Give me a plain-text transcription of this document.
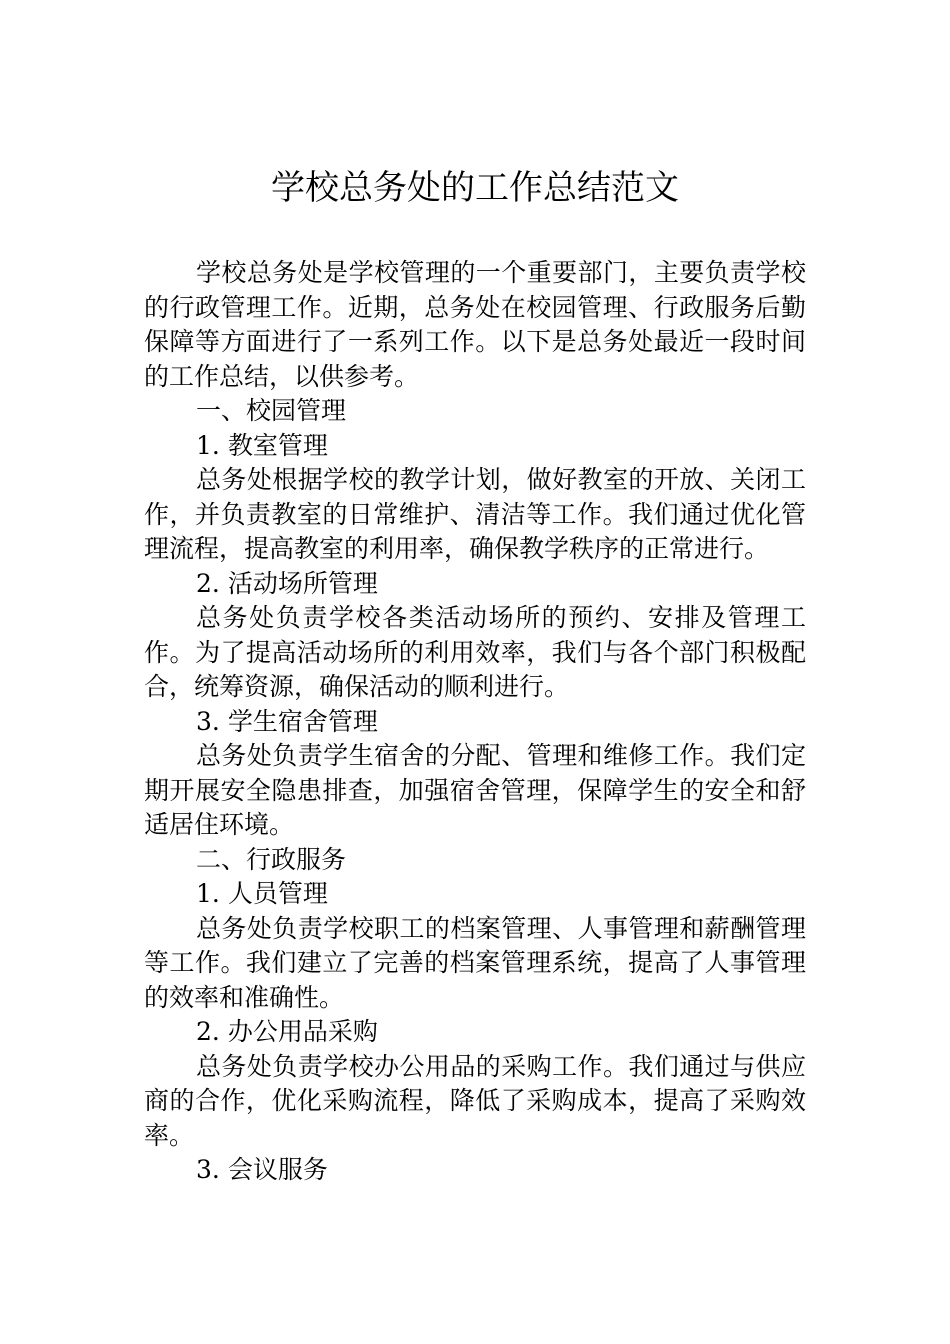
学校总务处的工作总结范文

学校总务处是学校管理的一个重要部门，主要负责学校的行政管理工作。近期，总务处在校园管理、行政服务后勤保障等方面进行了一系列工作。以下是总务处最近一段时间的工作总结，以供参考。

一、校园管理

1. 教室管理

总务处根据学校的教学计划，做好教室的开放、关闭工作，并负责教室的日常维护、清洁等工作。我们通过优化管理流程，提高教室的利用率，确保教学秩序的正常进行。

2. 活动场所管理

总务处负责学校各类活动场所的预约、安排及管理工作。为了提高活动场所的利用效率，我们与各个部门积极配合，统筹资源，确保活动的顺利进行。

3. 学生宿舍管理

总务处负责学生宿舍的分配、管理和维修工作。我们定期开展安全隐患排查，加强宿舍管理，保障学生的安全和舒适居住环境。

二、行政服务

1. 人员管理

总务处负责学校职工的档案管理、人事管理和薪酬管理等工作。我们建立了完善的档案管理系统，提高了人事管理的效率和准确性。

2. 办公用品采购

总务处负责学校办公用品的采购工作。我们通过与供应商的合作，优化采购流程，降低了采购成本，提高了采购效率。

3. 会议服务
